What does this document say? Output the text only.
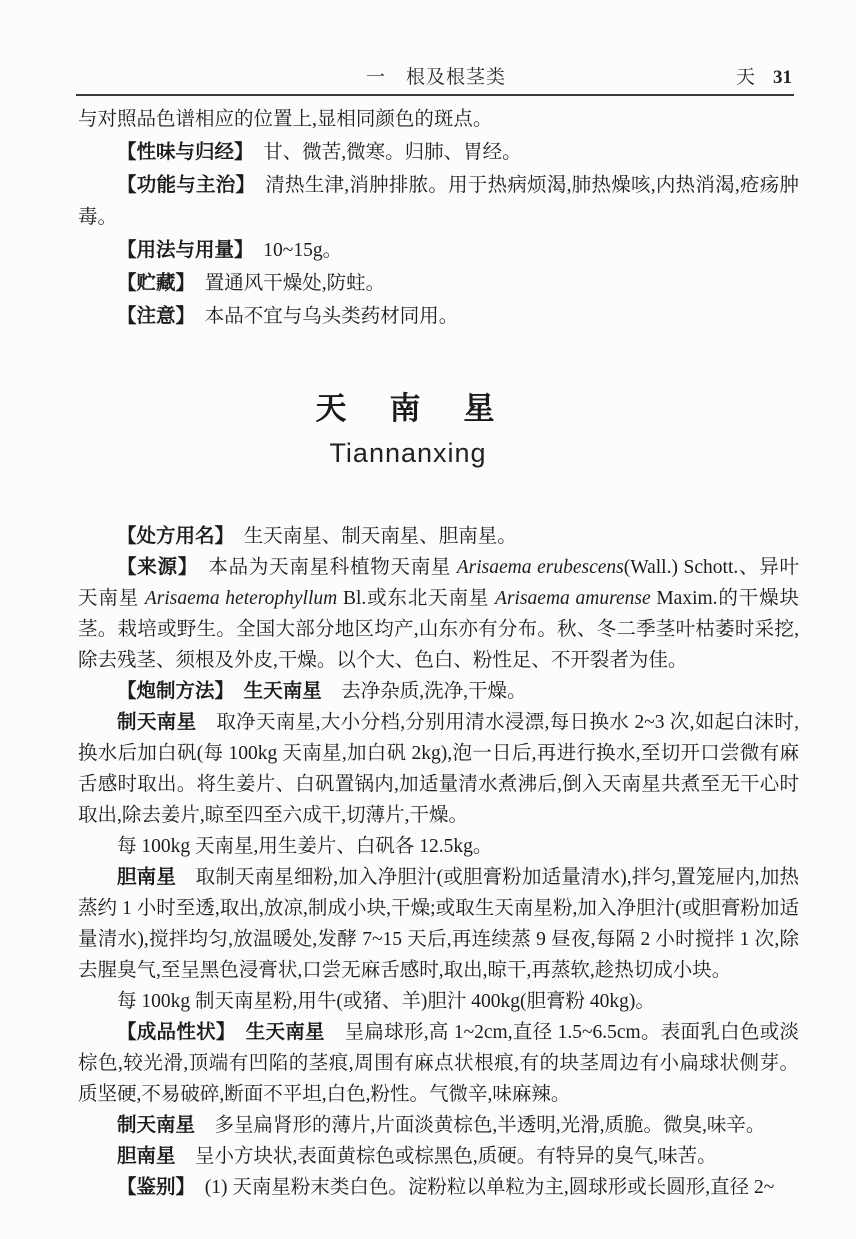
一　根及根茎类	天 31

与对照品色谱相应的位置上,显相同颜色的斑点。

【性味与归经】　甘、微苦,微寒。归肺、胃经。

【功能与主治】　清热生津,消肿排脓。用于热病烦渴,肺热燥咳,内热消渴,疮疡肿毒。

【用法与用量】　10~15g。

【贮藏】　置通风干燥处,防蛀。

【注意】　本品不宜与乌头类药材同用。

天　南　星
Tiannanxing

【处方用名】　生天南星、制天南星、胆南星。

【来源】　本品为天南星科植物天南星 Arisaema erubescens(Wall.) Schott.、异叶天南星 Arisaema heterophyllum Bl.或东北天南星 Arisaema amurense Maxim.的干燥块茎。栽培或野生。全国大部分地区均产,山东亦有分布。秋、冬二季茎叶枯萎时采挖,除去残茎、须根及外皮,干燥。以个大、色白、粉性足、不开裂者为佳。

【炮制方法】　 生天南星　去净杂质,洗净,干燥。

制天南星　取净天南星,大小分档,分别用清水浸漂,每日换水 2~3 次,如起白沫时,换水后加白矾(每 100kg 天南星,加白矾 2kg),泡一日后,再进行换水,至切开口尝微有麻舌感时取出。将生姜片、白矾置锅内,加适量清水煮沸后,倒入天南星共煮至无干心时取出,除去姜片,晾至四至六成干,切薄片,干燥。

每 100kg 天南星,用生姜片、白矾各 12.5kg。

胆南星　取制天南星细粉,加入净胆汁(或胆膏粉加适量清水),拌匀,置笼屉内,加热蒸约 1 小时至透,取出,放凉,制成小块,干燥;或取生天南星粉,加入净胆汁(或胆膏粉加适量清水),搅拌均匀,放温暖处,发酵 7~15 天后,再连续蒸 9 昼夜,每隔 2 小时搅拌 1 次,除去腥臭气,至呈黑色浸膏状,口尝无麻舌感时,取出,晾干,再蒸软,趁热切成小块。

每 100kg 制天南星粉,用牛(或猪、羊)胆汁 400kg(胆膏粉 40kg)。

【成品性状】　 生天南星　呈扁球形,高 1~2cm,直径 1.5~6.5cm。表面乳白色或淡棕色,较光滑,顶端有凹陷的茎痕,周围有麻点状根痕,有的块茎周边有小扁球状侧芽。质坚硬,不易破碎,断面不平坦,白色,粉性。气微辛,味麻辣。

制天南星　多呈扁肾形的薄片,片面淡黄棕色,半透明,光滑,质脆。微臭,味辛。

胆南星　呈小方块状,表面黄棕色或棕黑色,质硬。有特异的臭气,味苦。

【鉴别】　(1) 天南星粉末类白色。淀粉粒以单粒为主,圆球形或长圆形,直径 2~
